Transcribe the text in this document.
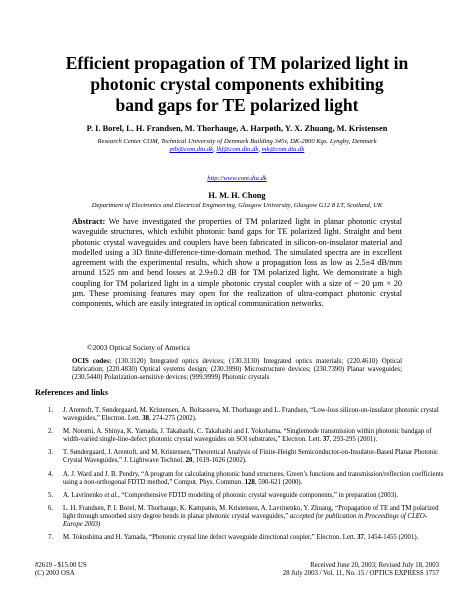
Efficient propagation of TM polarized light in
photonic crystal components exhibiting
band gaps for TE polarized light
P. I. Borel, L. H. Frandsen, M. Thorhauge, A. Harpøth, Y. X. Zhuang, M. Kristensen
Research Center COM, Technical University of Denmark Building 345v, DK-2800 Kgs. Lyngby, Denmark
pib@com.dtu.dk, lhf@com.dtu.dk, mk@com.dtu.dk
http://www.com.dtu.dk
H. M. H. Chong
Department of Electronics and Electrical Engineering, Glasgow University, Glasgow G12 8 LT, Scotland, UK

Abstract: We have investigated the properties of TM polarized light in planar photonic crystal waveguide structures, which exhibit photonic band gaps for TE polarized light. Straight and bent photonic crystal waveguides and couplers have been fabricated in silicon-on-insulator material and modelled using a 3D finite-difference-time-domain method. The simulated spectra are in excellent agreement with the experimental results, which show a propagation loss as low as 2.5±4 dB/mm around 1525 nm and bend losses at 2.9±0.2 dB for TM polarized light. We demonstrate a high coupling for TM polarized light in a simple photonic crystal coupler with a size of ~ 20 µm × 20 µm. These promising features may open for the realization of ultra-compact photonic crystal components, which are easily integrated in optical communication networks.

©2003 Optical Society of America

OCIS codes: (130.3120) Integrated optics devices; (130.3130) Integrated optics materials; (220.4610) Optical fabrication; (220.4830) Optical systems design; (230.3990) Microstructure devices; (230.7390) Planar waveguides; (230.5440) Polarization-sensitive devices; (999.9999) Photonic crystals

References and links
1. J. Arentoft, T. Søndergaard, M. Kristensen, A. Boltasseva, M. Thorhauge and L. Frandsen, “Low-loss silicon-on-insulator photonic crystal waveguides,” Electron. Lett. 38, 274-275 (2002).
2. M. Notomi, A. Shinya, K. Yamada, J. Takahashi, C. Takahashi and I. Yokohama, “Singlemode transmission within photonic bandgap of width-varied single-line-defect photonic crystal waveguides on SOI substrates,” Electron. Lett. 37, 293-295 (2001).
3. T. Søndergaard, J. Arentoft, and M. Kristensen,”Theoretical Analysis of Finite-Height Semiconductor-on-Insulator-Based Planar Photonic Crystal Waveguides,” J. Lightwave Technol. 20, 1619-1626 (2002).
4. A. J. Ward and J. B. Pendry, “A program for calculating photonic band structures, Green’s functions and transmission/reflection coefficients using a non-orthogonal FDTD method,” Comput. Phys. Commun. 128, 590-621 (2000).
5. A. Lavrinenko et al., “Comprehensive FDTD modeling of photonic crystal waveguide components,” in preparation (2003).
6. L. H. Frandsen, P. I. Borel, M. Thorhauge, K. Kampanis, M. Kristensen, A. Lavrinenko, Y. Zhuang, “Propagation of TE and TM polarized light through smoothed sixty degree bends in planar photonic crystal waveguides,” accepted for publication in Proceedings of CLEO-Europe 2003)
7. M. Tokushima and H. Yamada, “Photonic crystal line defect waveguide directional coupler,” Electron. Lett. 37, 1454-1455 (2001).
#2619 - $15.00 US
(C) 2003 OSA
Received June 20, 2003; Revised July 18, 2003
28 July 2003 / Vol. 11, No. 15 / OPTICS EXPRESS 1757
